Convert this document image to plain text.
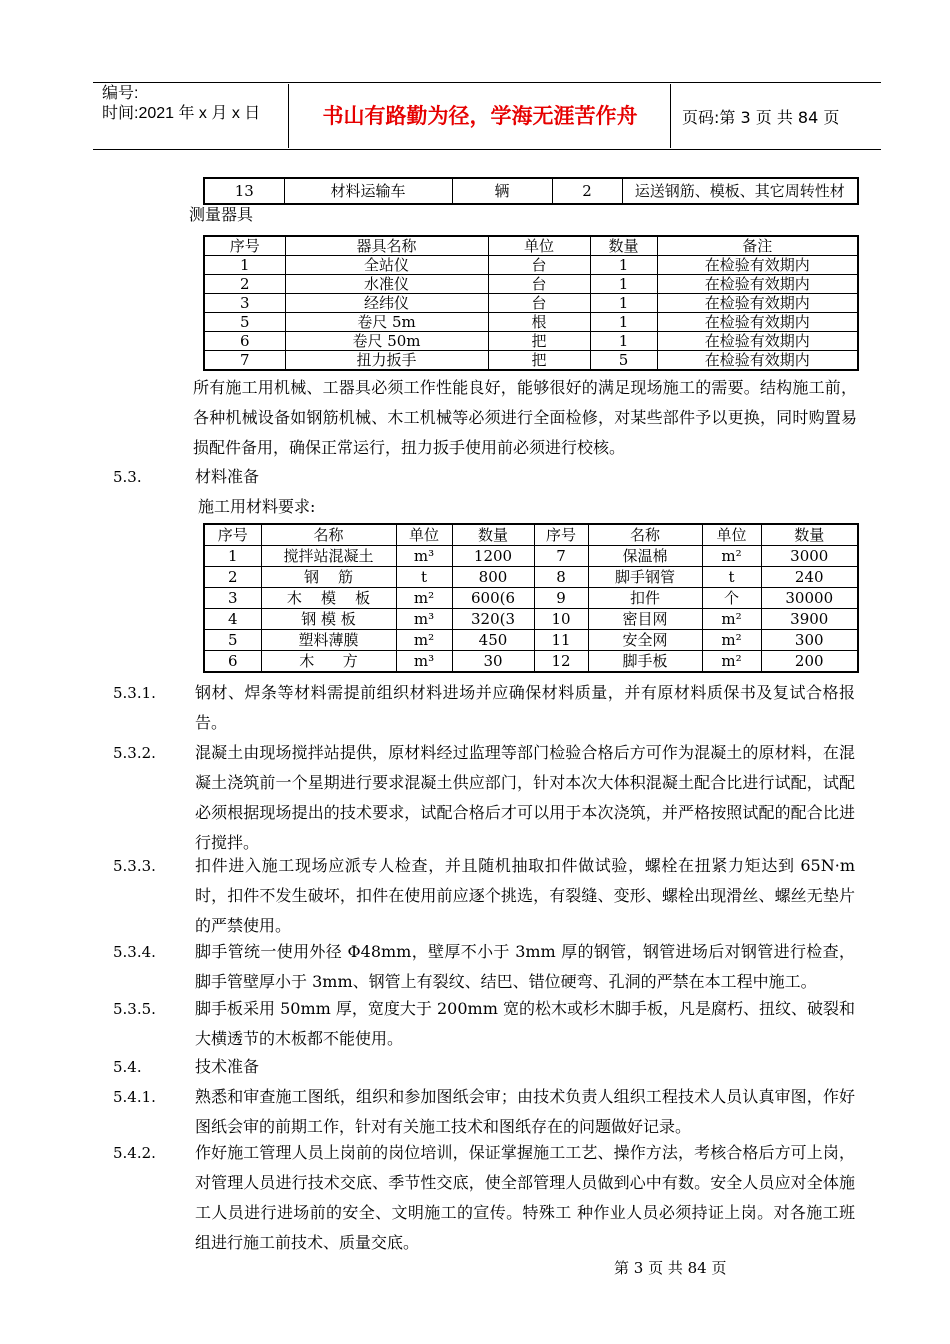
编号:
时间:2021 年 x 月 x 日	书山有路勤为径，学海无涯苦作舟	页码:第 3 页 共 84 页
13	材料运输车	辆	2	运送钢筋、模板、其它周转性材
测量器具
序号	器具名称	单位	数量	备注
1	全站仪	台	1	在检验有效期内
2	水准仪	台	1	在检验有效期内
3	经纬仪	台	1	在检验有效期内
5	卷尺 5m	根	1	在检验有效期内
6	卷尺 50m	把	1	在检验有效期内
7	扭力扳手	把	5	在检验有效期内
所有施工用机械、工器具必须工作性能良好，能够很好的满足现场施工的需要。结构施工前，各种机械设备如钢筋机械、木工机械等必须进行全面检修，对某些部件予以更换，同时购置易损配件备用，确保正常运行，扭力扳手使用前必须进行校核。
5.3.	材料准备
施工用材料要求:
序号	名称	单位	数量	序号	名称	单位	数量
1	搅拌站混凝土	m³	1200	7	保温棉	m²	3000
2	钢    筋	t	800	8	脚手钢管	t	240
3	木    模    板	m²	600(6	9	扣件	个	30000
4	钢 模 板	m³	320(3	10	密目网	m²	3900
5	塑料薄膜	m²	450	11	安全网	m²	300
6	木      方	m³	30	12	脚手板	m²	200
5.3.1. 钢材、焊条等材料需提前组织材料进场并应确保材料质量，并有原材料质保书及复试合格报告。
5.3.2. 混凝土由现场搅拌站提供，原材料经过监理等部门检验合格后方可作为混凝土的原材料，在混凝土浇筑前一个星期进行要求混凝土供应部门，针对本次大体积混凝土配合比进行试配，试配必须根据现场提出的技术要求，试配合格后才可以用于本次浇筑，并严格按照试配的配合比进行搅拌。
5.3.3. 扣件进入施工现场应派专人检查，并且随机抽取扣件做试验，螺栓在扭紧力矩达到 65N·m 时，扣件不发生破坏，扣件在使用前应逐个挑选，有裂缝、变形、螺栓出现滑丝、螺丝无垫片的严禁使用。
5.3.4. 脚手管统一使用外径 Φ48mm，壁厚不小于 3mm 厚的钢管，钢管进场后对钢管进行检查，脚手管壁厚小于 3mm、钢管上有裂纹、结巴、错位硬弯、孔洞的严禁在本工程中施工。
5.3.5. 脚手板采用 50mm 厚，宽度大于 200mm 宽的松木或杉木脚手板，凡是腐朽、扭纹、破裂和大横透节的木板都不能使用。
5.4.	技术准备
5.4.1. 熟悉和审查施工图纸，组织和参加图纸会审；由技术负责人组织工程技术人员认真审图，作好图纸会审的前期工作，针对有关施工技术和图纸存在的问题做好记录。
5.4.2. 作好施工管理人员上岗前的岗位培训，保证掌握施工工艺、操作方法，考核合格后方可上岗，对管理人员进行技术交底、季节性交底，使全部管理人员做到心中有数。安全人员应对全体施工人员进行进场前的安全、文明施工的宣传。特殊工 种作业人员必须持证上岗。对各施工班组进行施工前技术、质量交底。
第 3 页 共 84 页
